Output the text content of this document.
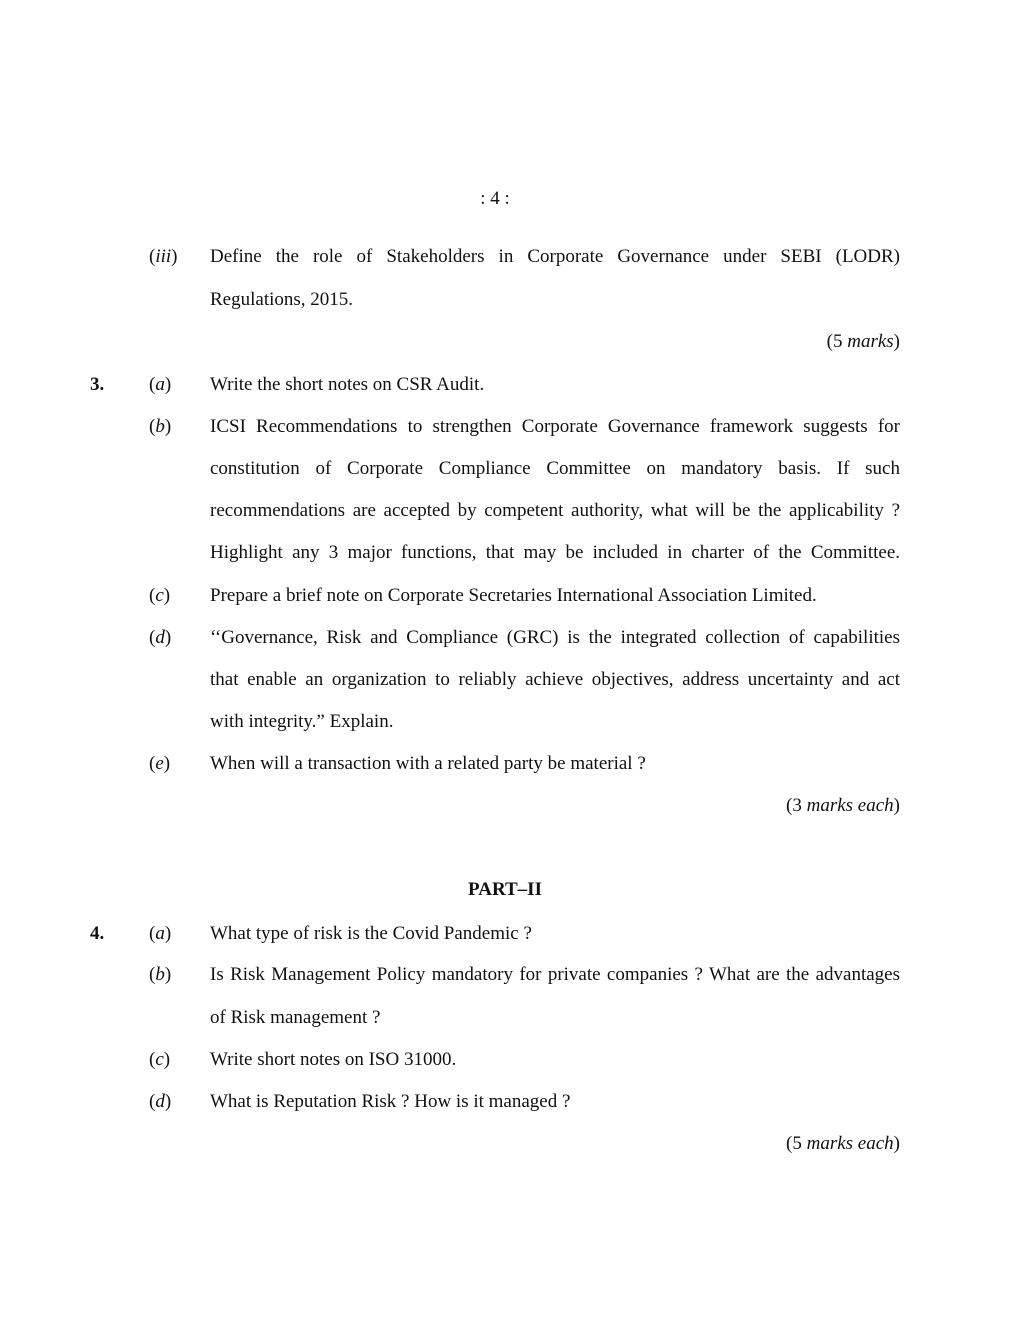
: 4 :
(iii) Define the role of Stakeholders in Corporate Governance under SEBI (LODR)
Regulations, 2015.
(5 marks)
3. (a) Write the short notes on CSR Audit.
(b) ICSI Recommendations to strengthen Corporate Governance framework suggests for
constitution of Corporate Compliance Committee on mandatory basis. If such
recommendations are accepted by competent authority, what will be the applicability ?
Highlight any 3 major functions, that may be included in charter of the Committee.
(c) Prepare a brief note on Corporate Secretaries International Association Limited.
(d) ‘‘Governance, Risk and Compliance (GRC) is the integrated collection of capabilities
that enable an organization to reliably achieve objectives, address uncertainty and act
with integrity.” Explain.
(e) When will a transaction with a related party be material ?
(3 marks each)
PART–II
4. (a) What type of risk is the Covid Pandemic ?
(b) Is Risk Management Policy mandatory for private companies ? What are the advantages
of Risk management ?
(c) Write short notes on ISO 31000.
(d) What is Reputation Risk ? How is it managed ?
(5 marks each)
